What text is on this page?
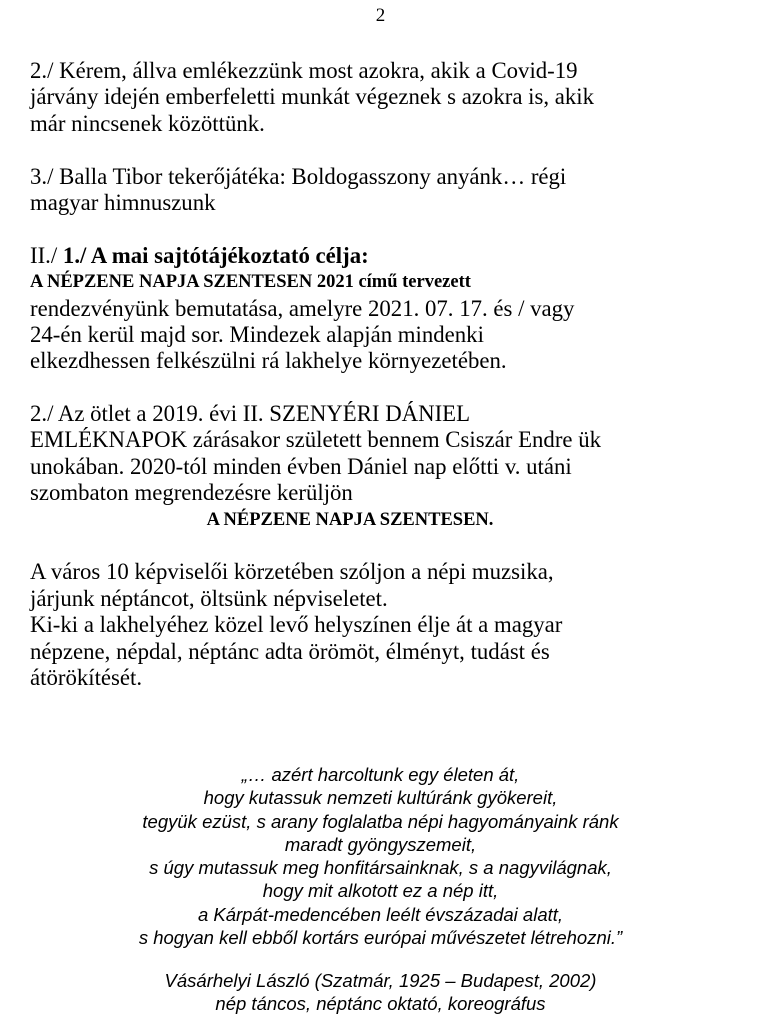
2
2./ Kérem, állva emlékezzünk most azokra, akik a Covid-19
járvány idején emberfeletti munkát végeznek s azokra is, akik
már nincsenek közöttünk.
3./ Balla Tibor tekerőjátéka: Boldogasszony anyánk… régi
magyar himnuszunk
II./ 1./ A mai sajtótájékoztató célja:
A NÉPZENE NAPJA SZENTESEN 2021 című tervezett
rendezvényünk bemutatása, amelyre 2021. 07. 17. és / vagy
24-én kerül majd sor. Mindezek alapján mindenki
elkezdhessen felkészülni rá lakhelye környezetében.
2./ Az ötlet a 2019. évi II. SZENYÉRI DÁNIEL
EMLÉKNAPOK zárásakor született bennem Csiszár Endre ük
unokában. 2020-tól minden évben Dániel nap előtti v. utáni
szombaton megrendezésre kerüljön
A NÉPZENE NAPJA SZENTESEN.
A város 10 képviselői körzetében szóljon a népi muzsika,
járjunk néptáncot, öltsünk népviseletet.
Ki-ki a lakhelyéhez közel levő helyszínen élje át a magyar
népzene, népdal, néptánc adta örömöt, élményt, tudást és
átörökítését.
„… azért harcoltunk egy életen át,
hogy kutassuk nemzeti kultúránk gyökereit,
tegyük ezüst, s arany foglalatba népi hagyományaink ránk
maradt gyöngyszemeit,
s úgy mutassuk meg honfitársainknak, s a nagyvilágnak,
hogy mit alkotott ez a nép itt,
a Kárpát-medencében leélt évszázadai alatt,
s hogyan kell ebből kortárs európai művészetet létrehozni.”
Vásárhelyi László (Szatmár, 1925 – Budapest, 2002)
nép táncos, néptánc oktató, koreográfus
